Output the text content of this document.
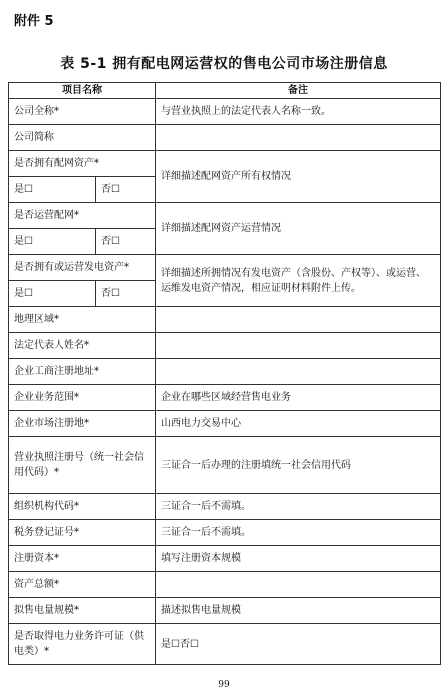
附件 5
表 5-1 拥有配电网运营权的售电公司市场注册信息
项目名称		备注
公司全称*		与营业执照上的法定代表人名称一致。
公司简称		
是否拥有配网资产*		详细描述配网资产所有权情况
是☐	否☐	
是否运营配网*		详细描述配网资产运营情况
是☐	否☐	
是否拥有或运营发电资产*		详细描述所拥情况有发电资产（含股份、产权等）、或运营、运维发电资产情况，相应证明材料附件上传。
是☐	否☐	
地理区域*		
法定代表人姓名*		
企业工商注册地址*		
企业业务范围*		企业在哪些区域经营售电业务
企业市场注册地*		山西电力交易中心
营业执照注册号（统一社会信用代码）*		三证合一后办理的注册填统一社会信用代码
组织机构代码*		三证合一后不需填。
税务登记证号*		三证合一后不需填。
注册资本*		填写注册资本规模
资产总额*		
拟售电量规模*		描述拟售电量规模
是否取得电力业务许可证（供电类）*		是☐否☐
99
